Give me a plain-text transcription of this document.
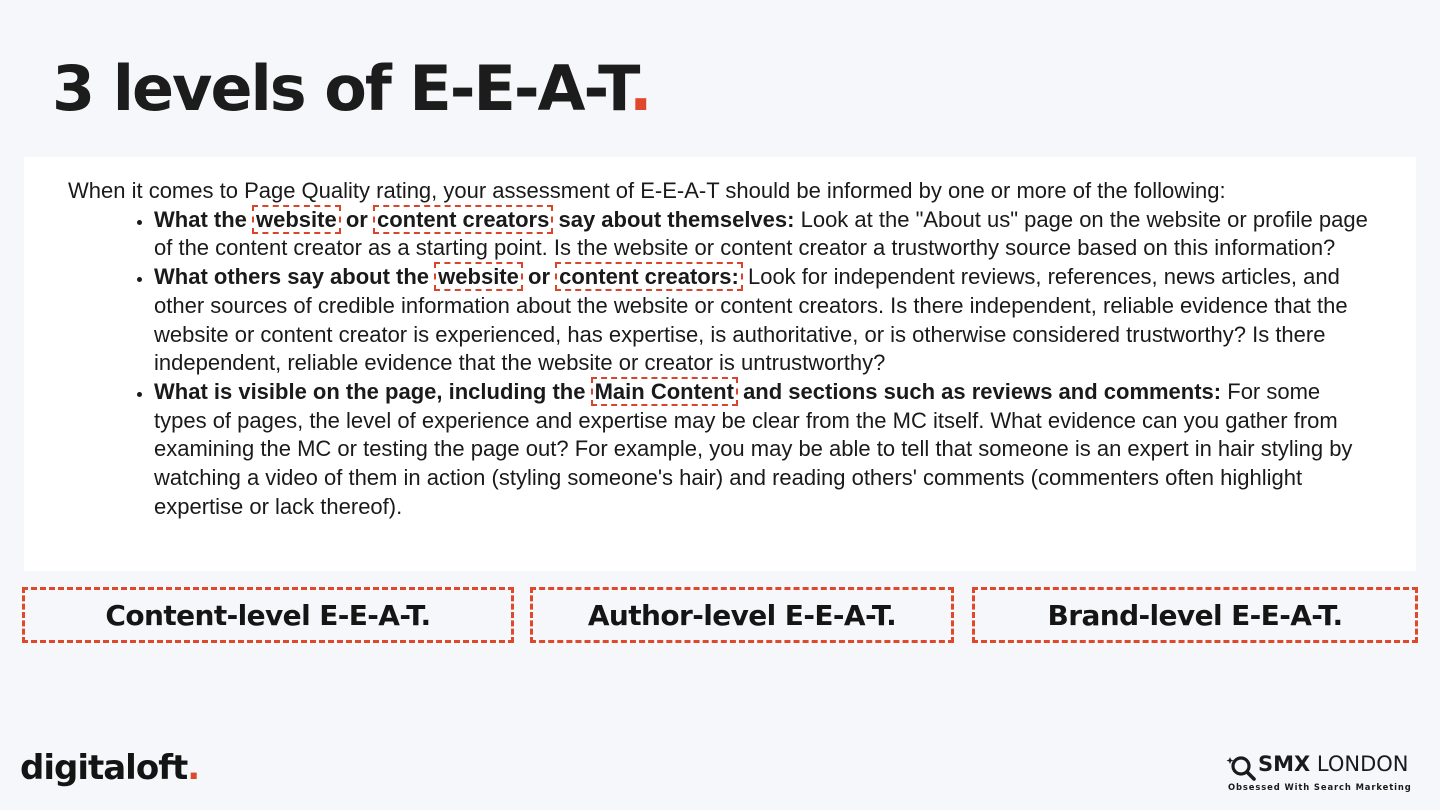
3 levels of E-E-A-T.

When it comes to Page Quality rating, your assessment of E-E-A-T should be informed by one or more of the following:

• What the website or content creators say about themselves: Look at the "About us" page on the website or profile page of the content creator as a starting point. Is the website or content creator a trustworthy source based on this information?
• What others say about the website or content creators: Look for independent reviews, references, news articles, and other sources of credible information about the website or content creators. Is there independent, reliable evidence that the website or content creator is experienced, has expertise, is authoritative, or is otherwise considered trustworthy? Is there independent, reliable evidence that the website or creator is untrustworthy?
• What is visible on the page, including the Main Content and sections such as reviews and comments: For some types of pages, the level of experience and expertise may be clear from the MC itself. What evidence can you gather from examining the MC or testing the page out? For example, you may be able to tell that someone is an expert in hair styling by watching a video of them in action (styling someone's hair) and reading others' comments (commenters often highlight expertise or lack thereof).
Content-level E-E-A-T.	Author-level E-E-A-T.	Brand-level E-E-A-T.
digitaloft.	SMX LONDON
Obsessed With Search Marketing
